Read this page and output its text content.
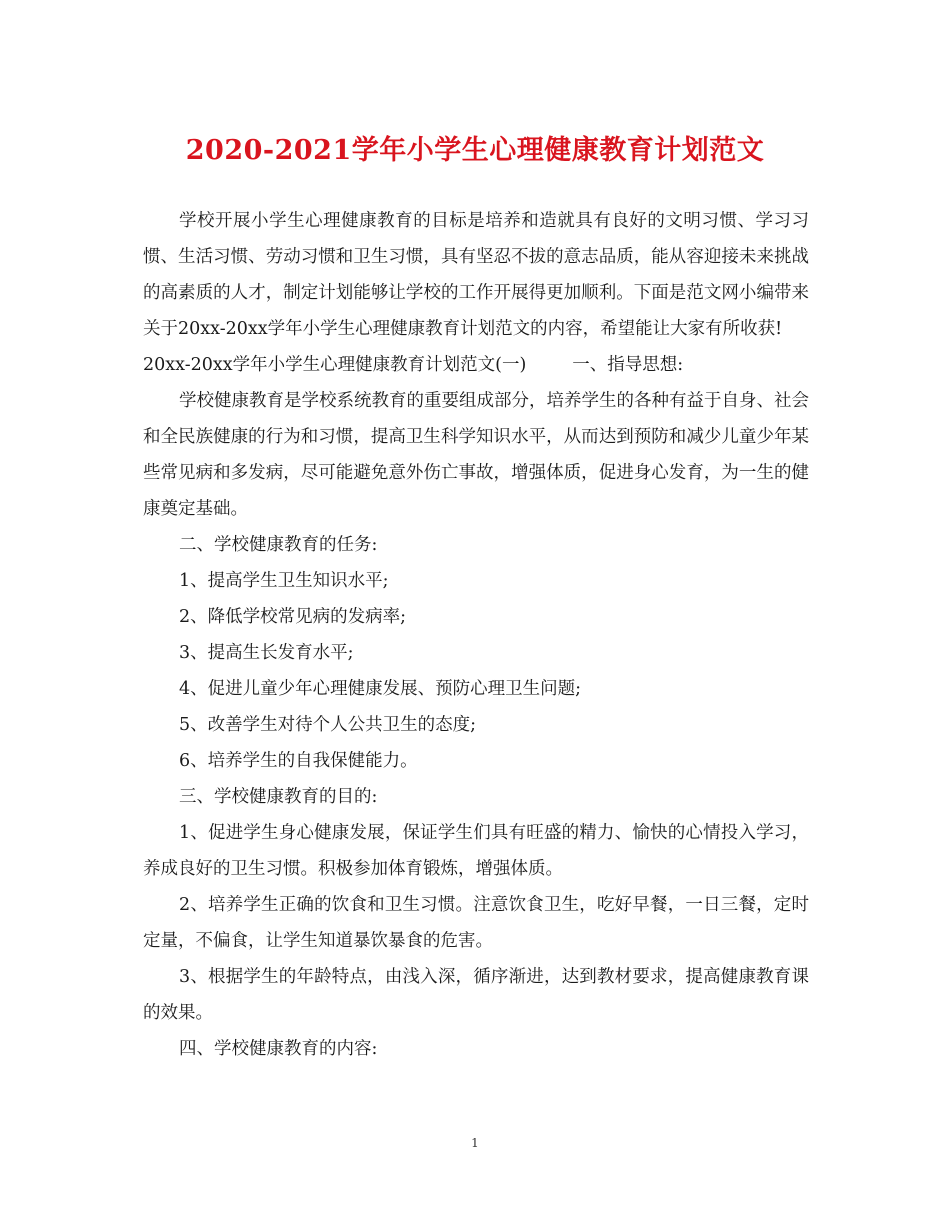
2020-2021学年小学生心理健康教育计划范文

学校开展小学生心理健康教育的目标是培养和造就具有良好的文明习惯、学习习惯、生活习惯、劳动习惯和卫生习惯，具有坚忍不拔的意志品质，能从容迎接未来挑战的高素质的人才，制定计划能够让学校的工作开展得更加顺利。下面是范文网小编带来关于20xx-20xx学年小学生心理健康教育计划范文的内容，希望能让大家有所收获!

20xx-20xx学年小学生心理健康教育计划范文(一)	一、指导思想:

学校健康教育是学校系统教育的重要组成部分，培养学生的各种有益于自身、社会和全民族健康的行为和习惯，提高卫生科学知识水平，从而达到预防和减少儿童少年某些常见病和多发病，尽可能避免意外伤亡事故，增强体质，促进身心发育，为一生的健康奠定基础。

二、学校健康教育的任务:

1、提高学生卫生知识水平;

2、降低学校常见病的发病率;

3、提高生长发育水平;

4、促进儿童少年心理健康发展、预防心理卫生问题;

5、改善学生对待个人公共卫生的态度;

6、培养学生的自我保健能力。

三、学校健康教育的目的:

1、促进学生身心健康发展，保证学生们具有旺盛的精力、愉快的心情投入学习，养成良好的卫生习惯。积极参加体育锻炼，增强体质。

2、培养学生正确的饮食和卫生习惯。注意饮食卫生，吃好早餐，一日三餐，定时定量，不偏食，让学生知道暴饮暴食的危害。

3、根据学生的年龄特点，由浅入深，循序渐进，达到教材要求，提高健康教育课的效果。

四、学校健康教育的内容:

1
